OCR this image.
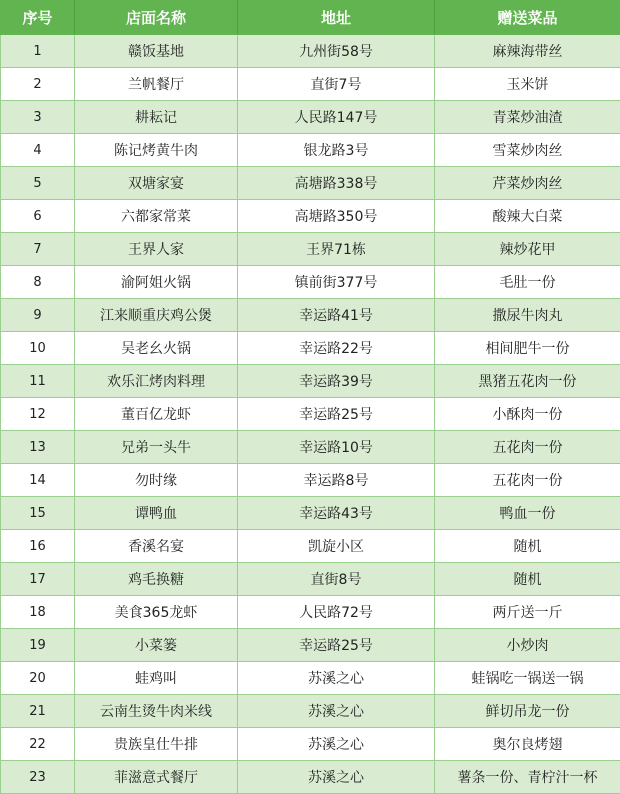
序号	店面名称	地址	赠送菜品
1	赣饭基地	九州街58号	麻辣海带丝
2	兰帆餐厅	直街7号	玉米饼
3	耕耘记	人民路147号	青菜炒油渣
4	陈记烤黄牛肉	银龙路3号	雪菜炒肉丝
5	双塘家宴	高塘路338号	芹菜炒肉丝
6	六都家常菜	高塘路350号	酸辣大白菜
7	王界人家	王界71栋	辣炒花甲
8	渝阿姐火锅	镇前街377号	毛肚一份
9	江来顺重庆鸡公煲	幸运路41号	撒尿牛肉丸
10	吴老幺火锅	幸运路22号	相间肥牛一份
11	欢乐汇烤肉料理	幸运路39号	黑猪五花肉一份
12	董百亿龙虾	幸运路25号	小酥肉一份
13	兄弟一头牛	幸运路10号	五花肉一份
14	勿时缘	幸运路8号	五花肉一份
15	谭鸭血	幸运路43号	鸭血一份
16	香溪名宴	凯旋小区	随机
17	鸡毛换糖	直街8号	随机
18	美食365龙虾	人民路72号	两斤送一斤
19	小菜篓	幸运路25号	小炒肉
20	蛙鸡叫	苏溪之心	蛙锅吃一锅送一锅
21	云南生烫牛肉米线	苏溪之心	鲜切吊龙一份
22	贵族皇仕牛排	苏溪之心	奥尔良烤翅
23	菲滋意式餐厅	苏溪之心	薯条一份、青柠汁一杯
